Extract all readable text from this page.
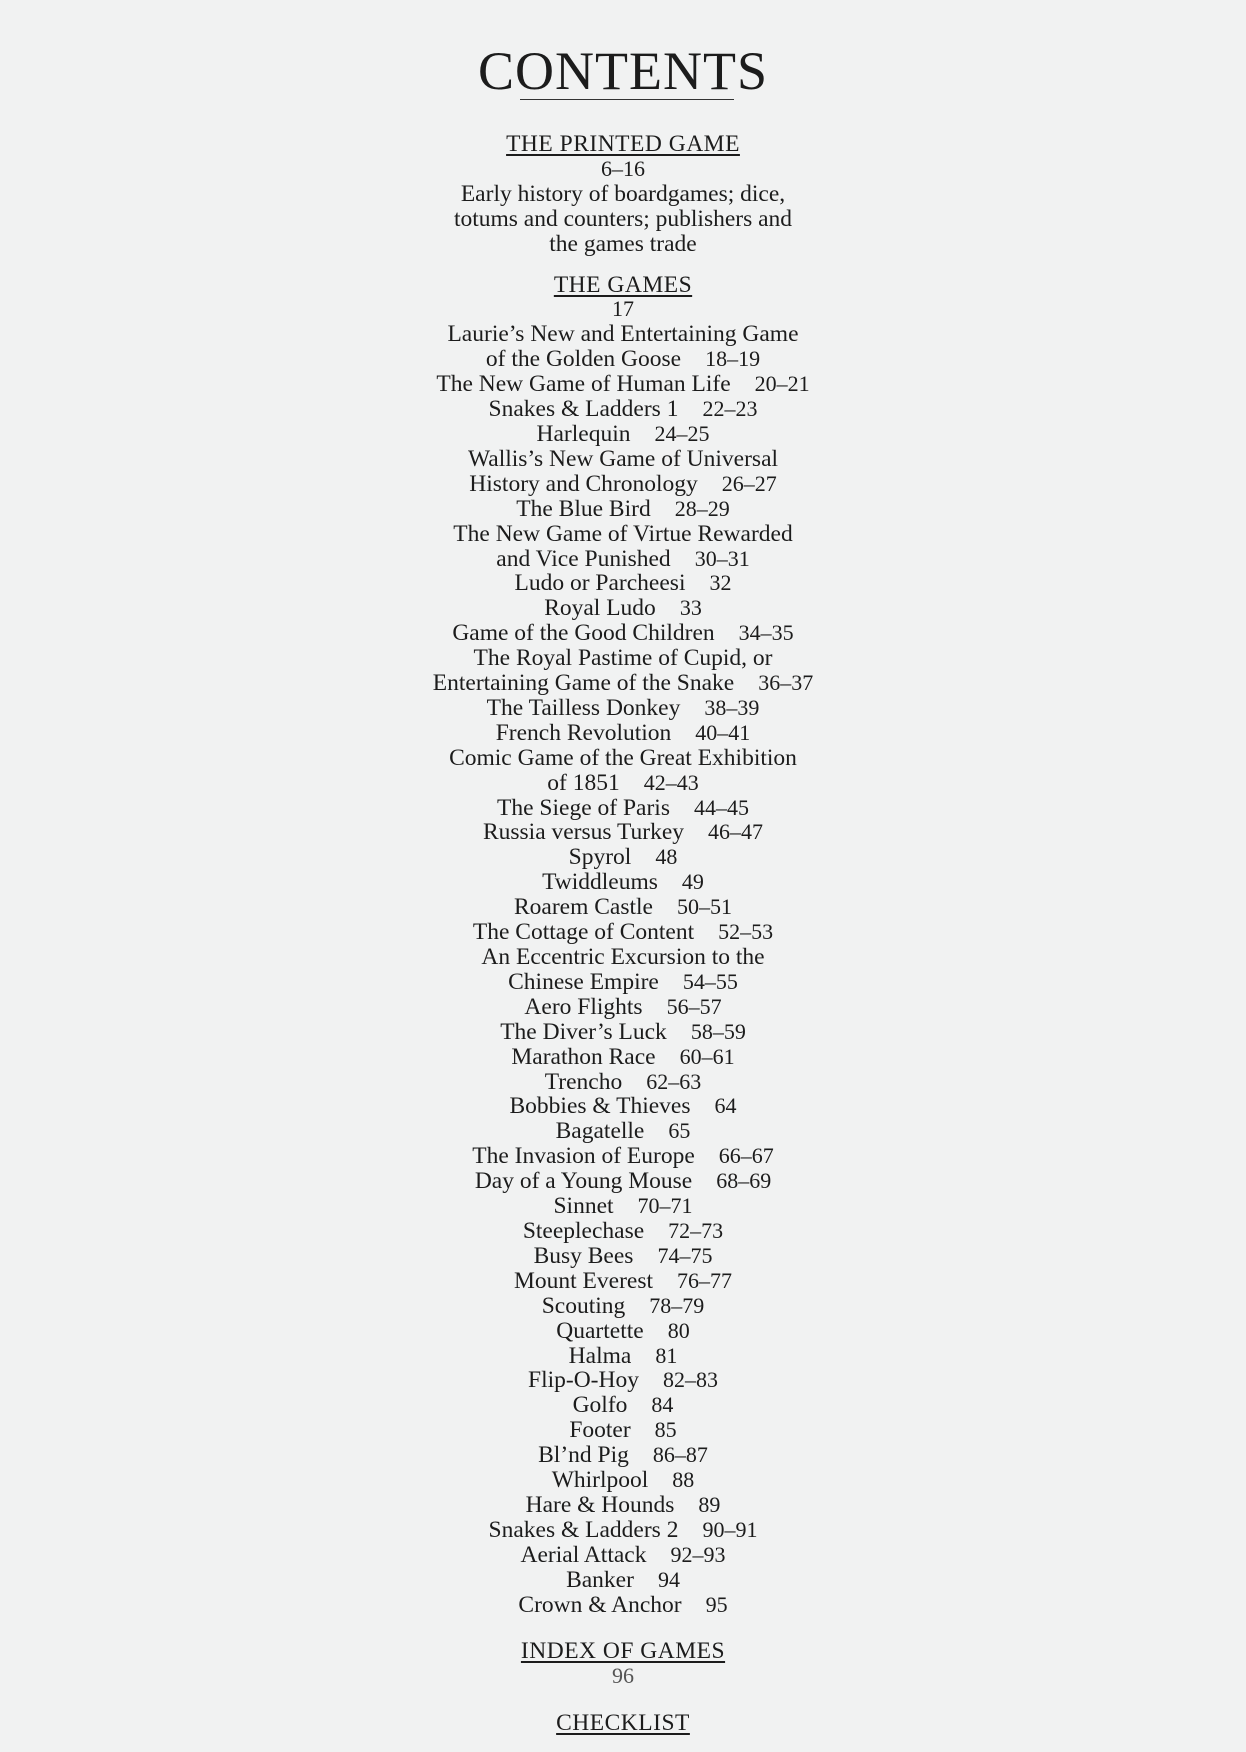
CONTENTS
THE PRINTED GAME
6–16
Early history of boardgames; dice,
totums and counters; publishers and
the games trade
THE GAMES
17
Laurie’s New and Entertaining Game
of the Golden Goose 18–19
The New Game of Human Life 20–21
Snakes & Ladders 1 22–23
Harlequin 24–25
Wallis’s New Game of Universal
History and Chronology 26–27
The Blue Bird 28–29
The New Game of Virtue Rewarded
and Vice Punished 30–31
Ludo or Parcheesi 32
Royal Ludo 33
Game of the Good Children 34–35
The Royal Pastime of Cupid, or
Entertaining Game of the Snake 36–37
The Tailless Donkey 38–39
French Revolution 40–41
Comic Game of the Great Exhibition
of 1851 42–43
The Siege of Paris 44–45
Russia versus Turkey 46–47
Spyrol 48
Twiddleums 49
Roarem Castle 50–51
The Cottage of Content 52–53
An Eccentric Excursion to the
Chinese Empire 54–55
Aero Flights 56–57
The Diver’s Luck 58–59
Marathon Race 60–61
Trencho 62–63
Bobbies & Thieves 64
Bagatelle 65
The Invasion of Europe 66–67
Day of a Young Mouse 68–69
Sinnet 70–71
Steeplechase 72–73
Busy Bees 74–75
Mount Everest 76–77
Scouting 78–79
Quartette 80
Halma 81
Flip-O-Hoy 82–83
Golfo 84
Footer 85
Bl’nd Pig 86–87
Whirlpool 88
Hare & Hounds 89
Snakes & Ladders 2 90–91
Aerial Attack 92–93
Banker 94
Crown & Anchor 95
INDEX OF GAMES
96
CHECKLIST
